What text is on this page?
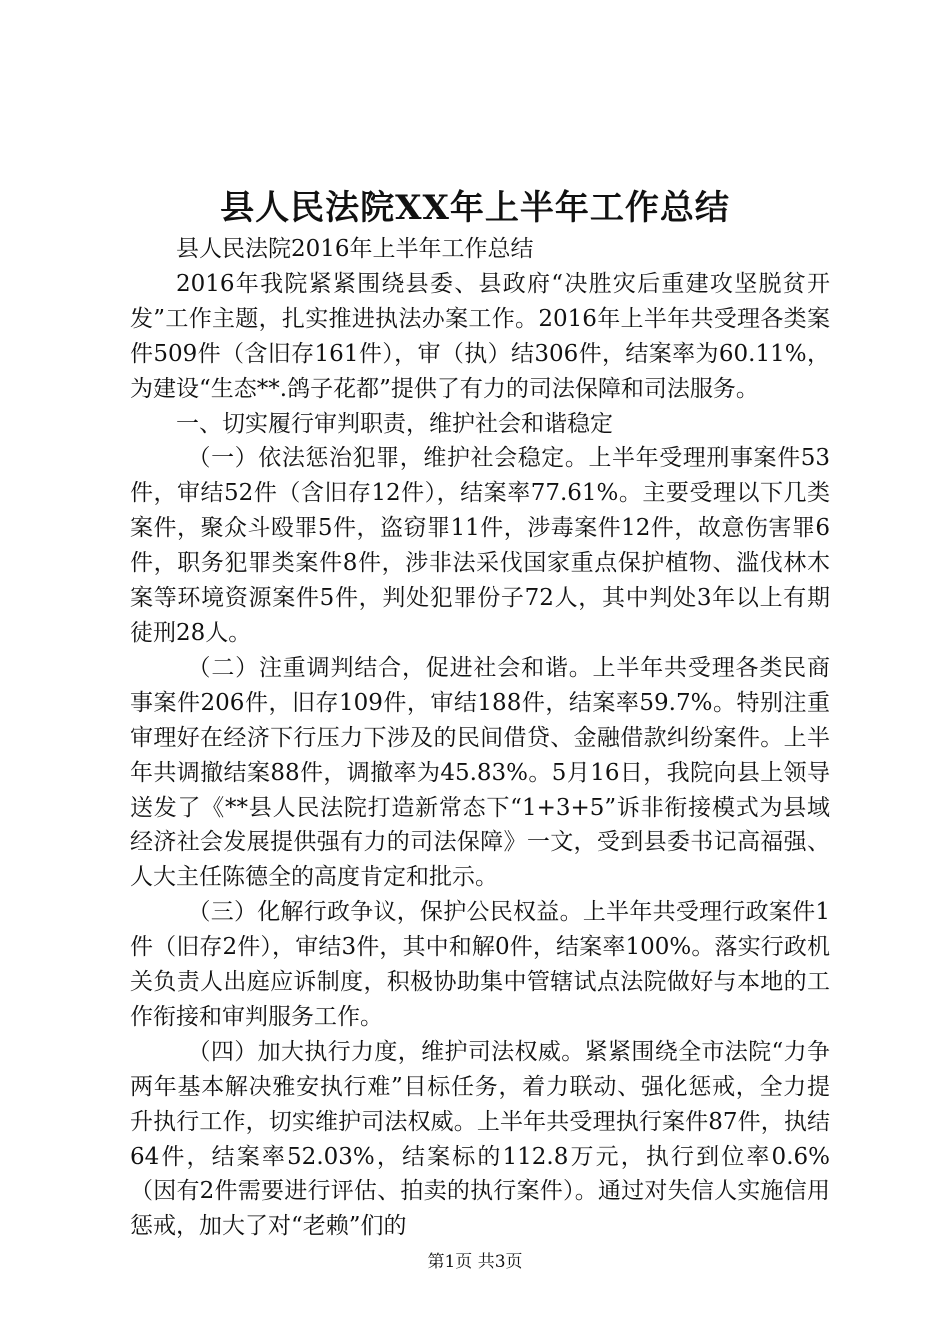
县人民法院XX年上半年工作总结

县人民法院2016年上半年工作总结

2016年我院紧紧围绕县委、县政府“决胜灾后重建攻坚脱贫开发”工作主题，扎实推进执法办案工作。2016年上半年共受理各类案件509件（含旧存161件），审（执）结306件，结案率为60.11%，为建设“生态**.鸽子花都”提供了有力的司法保障和司法服务。

一、切实履行审判职责，维护社会和谐稳定

（一）依法惩治犯罪，维护社会稳定。上半年受理刑事案件53件，审结52件（含旧存12件），结案率77.61%。主要受理以下几类案件，聚众斗殴罪5件，盗窃罪11件，涉毒案件12件，故意伤害罪6件，职务犯罪类案件8件，涉非法采伐国家重点保护植物、滥伐林木案等环境资源案件5件，判处犯罪份子72人，其中判处3年以上有期徒刑28人。

（二）注重调判结合，促进社会和谐。上半年共受理各类民商事案件206件，旧存109件，审结188件，结案率59.7%。特别注重审理好在经济下行压力下涉及的民间借贷、金融借款纠纷案件。上半年共调撤结案88件，调撤率为45.83%。5月16日，我院向县上领导送发了《**县人民法院打造新常态下“1+3+5”诉非衔接模式为县域经济社会发展提供强有力的司法保障》一文，受到县委书记高福强、人大主任陈德全的高度肯定和批示。

（三）化解行政争议，保护公民权益。上半年共受理行政案件1件（旧存2件），审结3件，其中和解0件，结案率100%。落实行政机关负责人出庭应诉制度，积极协助集中管辖试点法院做好与本地的工作衔接和审判服务工作。

（四）加大执行力度，维护司法权威。紧紧围绕全市法院“力争两年基本解决雅安执行难”目标任务，着力联动、强化惩戒，全力提升执行工作，切实维护司法权威。上半年共受理执行案件87件，执结64件，结案率52.03%，结案标的112.8万元，执行到位率0.6%（因有2件需要进行评估、拍卖的执行案件）。通过对失信人实施信用惩戒，加大了对“老赖”们的

第1页 共3页
